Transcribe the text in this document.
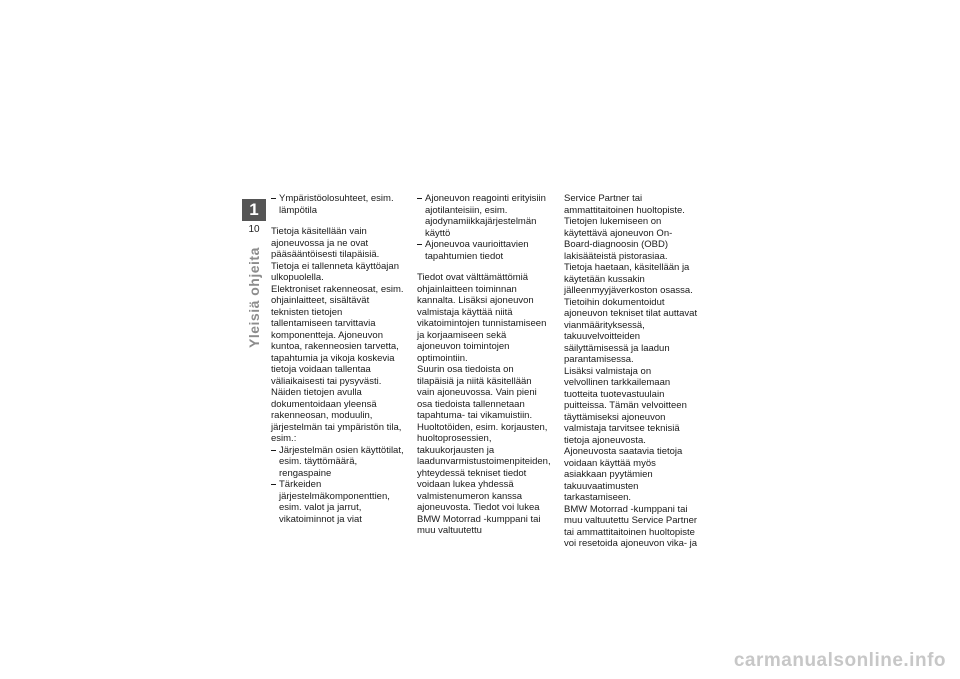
1
10
Yleisiä ohjeita
Ympäristöolosuhteet, esim. lämpötila

Tietoja käsitellään vain ajoneuvossa ja ne ovat pääsääntöisesti tilapäisiä. Tietoja ei tallenneta käyttöajan ulkopuolella.

Elektroniset rakenneosat, esim. ohjainlaitteet, sisältävät teknisten tietojen tallentamiseen tarvittavia komponentteja. Ajoneuvon kuntoa, rakenneosien tarvetta, tapahtumia ja vikoja koskevia tietoja voidaan tallentaa väliaikaisesti tai pysyvästi.

Näiden tietojen avulla dokumentoidaan yleensä rakenneosan, moduulin, järjestelmän tai ympäristön tila, esim.:

Järjestelmän osien käyttötilat, esim. täyttömäärä, rengaspaine
Tärkeiden järjestelmäkomponenttien, esim. valot ja jarrut, vikatoiminnot ja viat
Ajoneuvon reagointi erityisiin ajotilanteisiin, esim. ajodynamiikkajärjestelmän käyttö
Ajoneuvoa vaurioittavien tapahtumien tiedot

Tiedot ovat välttämättömiä ohjainlaitteen toiminnan kannalta. Lisäksi ajoneuvon valmistaja käyttää niitä vikatoimintojen tunnistamiseen ja korjaamiseen sekä ajoneuvon toimintojen optimointiin.

Suurin osa tiedoista on tilapäisiä ja niitä käsitellään vain ajoneuvossa. Vain pieni osa tiedoista tallennetaan tapahtuma- tai vikamuistiin.

Huoltotöiden, esim. korjausten, huoltoprosessien, takuukorjausten ja laadunvarmistustoimenpiteiden, yhteydessä tekniset tiedot voidaan lukea yhdessä valmistenumeron kanssa ajoneuvosta. Tiedot voi lukea BMW Motorrad -kumppani tai muu valtuutettu

Service Partner tai ammattitaitoinen huoltopiste. Tietojen lukemiseen on käytettävä ajoneuvon On-Board-diagnoosin (OBD) lakisääteistä pistorasiaa.

Tietoja haetaan, käsitellään ja käytetään kussakin jälleenmyyjäverkoston osassa. Tietoihin dokumentoidut ajoneuvon tekniset tilat auttavat vianmäärityksessä, takuuvelvoitteiden säilyttämisessä ja laadun parantamisessa.

Lisäksi valmistaja on velvollinen tarkkailemaan tuotteita tuotevastuulain puitteissa. Tämän velvoitteen täyttämiseksi ajoneuvon valmistaja tarvitsee teknisiä tietoja ajoneuvosta. Ajoneuvosta saatavia tietoja voidaan käyttää myös asiakkaan pyytämien takuuvaatimusten tarkastamiseen.

BMW Motorrad -kumppani tai muu valtuutettu Service Partner tai ammattitaitoinen huoltopiste voi resetoida ajoneuvon vika- ja

carmanualsonline.info
